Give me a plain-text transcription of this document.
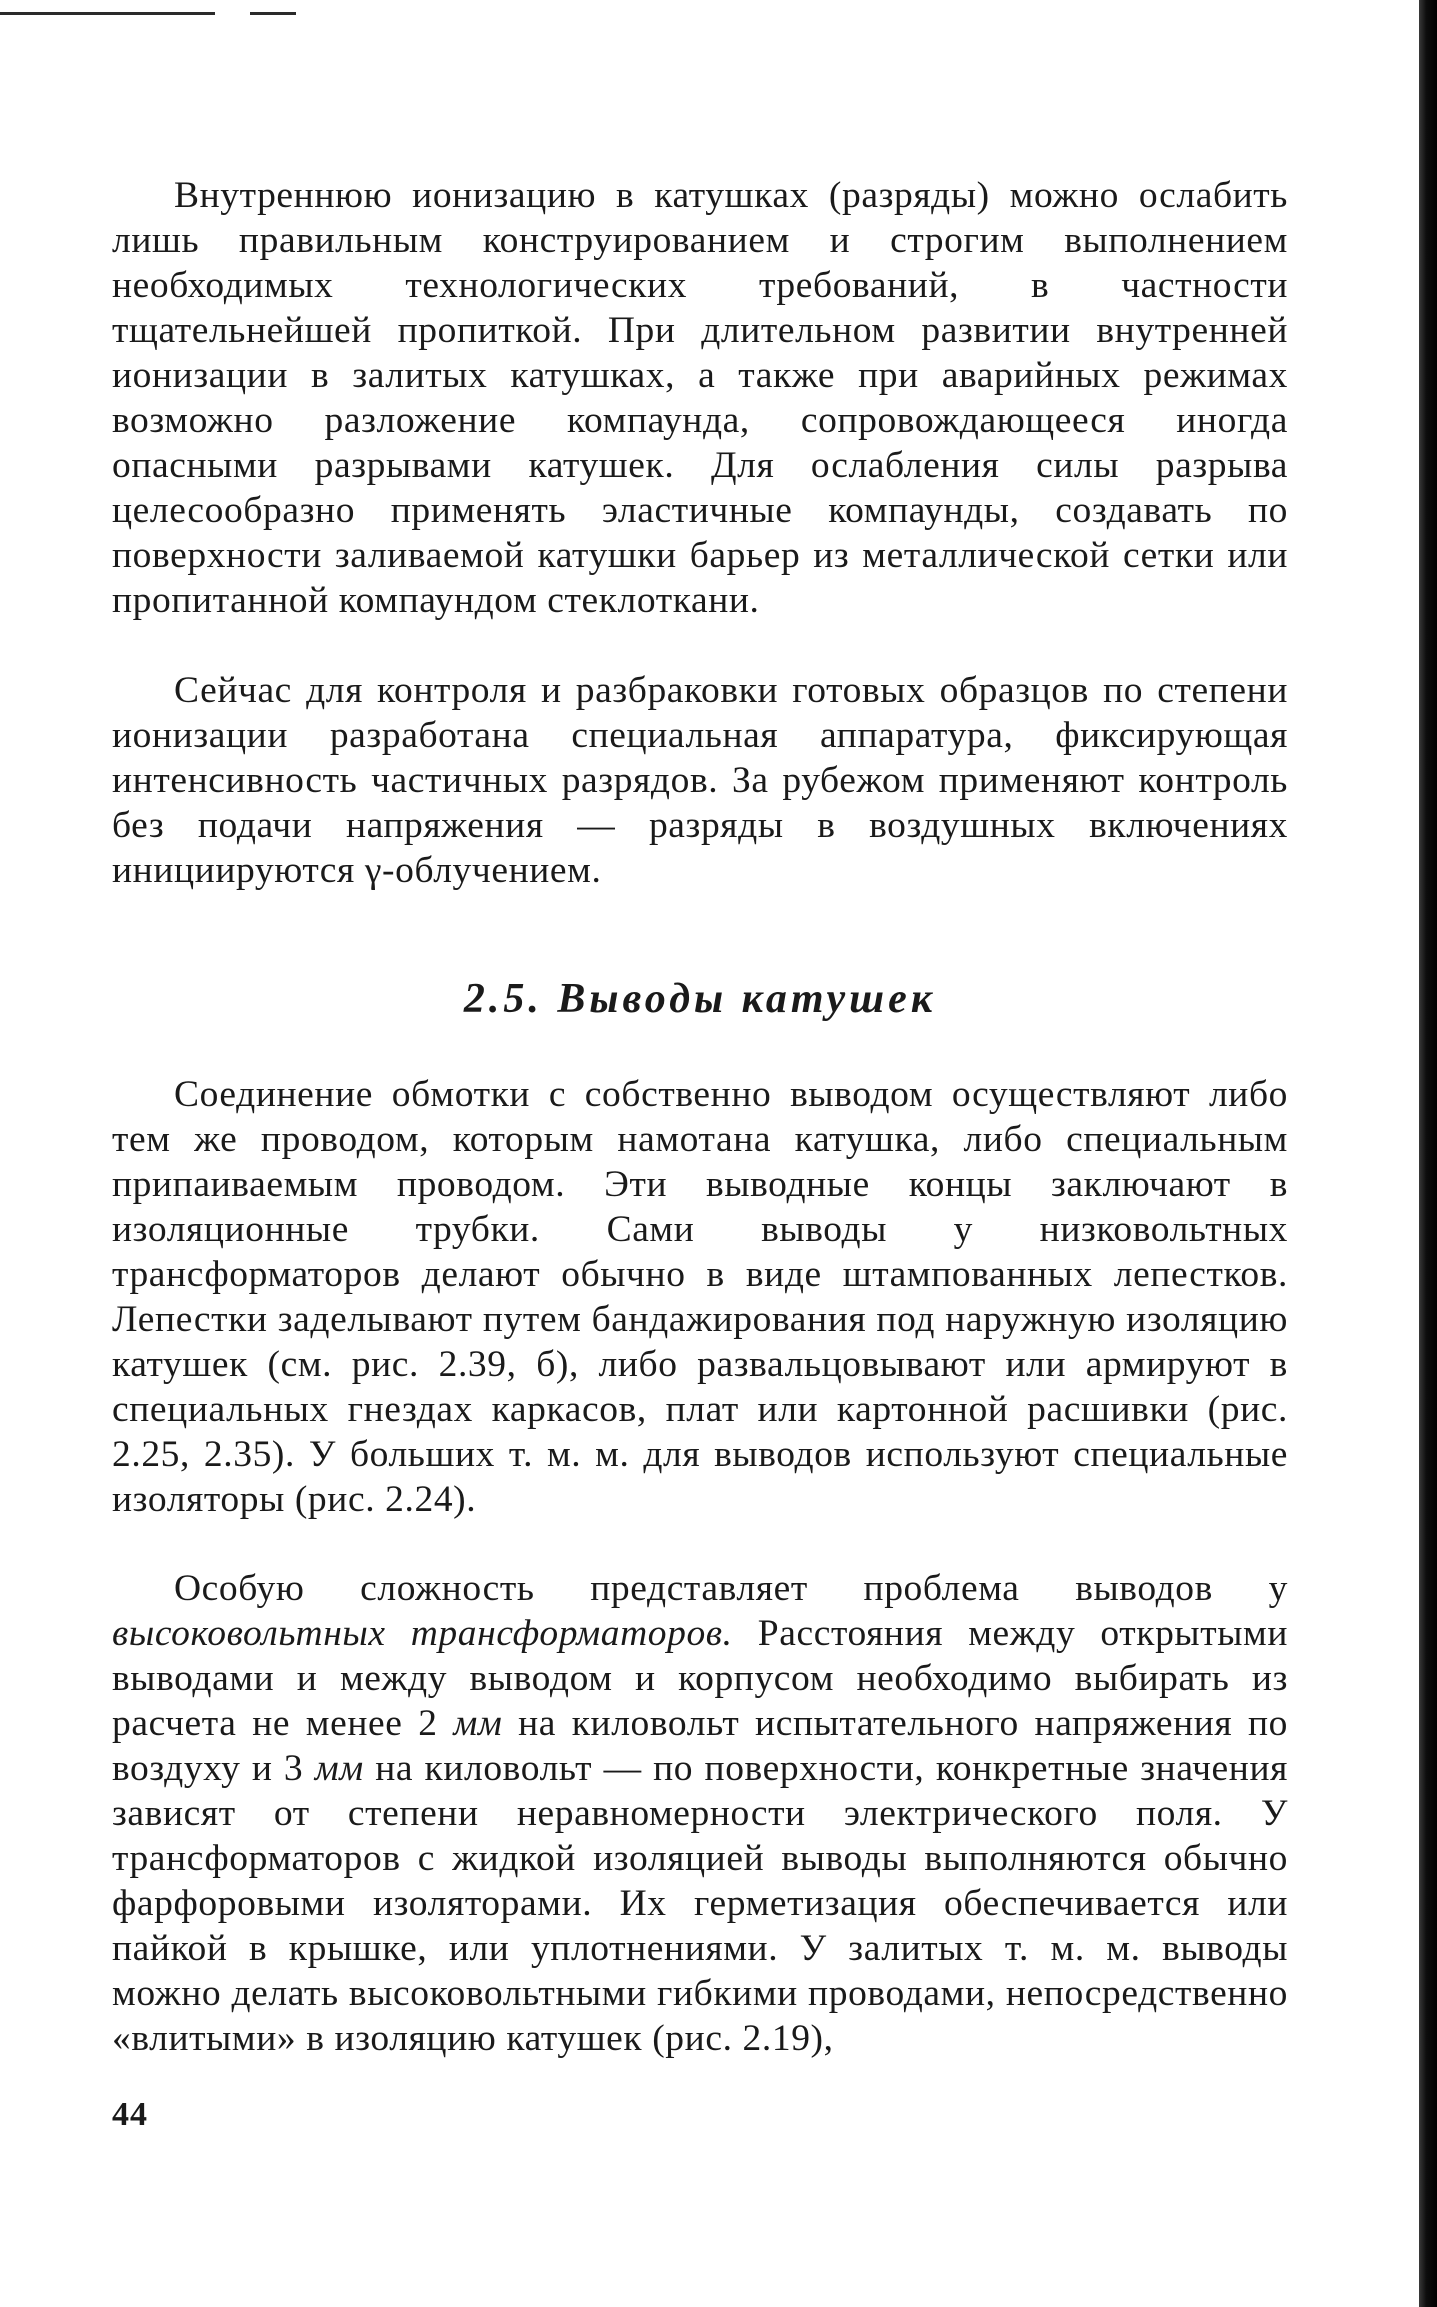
Внутреннюю ионизацию в катушках (разряды) можно ослабить лишь правильным конструированием и строгим выполнением необходимых технологических требований, в частности тщательнейшей пропиткой. При длительном развитии внутренней ионизации в залитых катушках, а также при аварийных режимах возможно разложение компаунда, сопровождающееся иногда опасными разрывами катушек. Для ослабления силы разрыва целесообразно применять эластичные компаунды, создавать по поверхности заливаемой катушки барьер из металлической сетки или пропитанной компаундом стеклоткани.

Сейчас для контроля и разбраковки готовых образцов по степени ионизации разработана специальная аппаратура, фиксирующая интенсивность частичных разрядов. За рубежом применяют контроль без подачи напряжения — разряды в воздушных включениях инициируются γ-облучением.

2.5. Выводы катушек

Соединение обмотки с собственно выводом осуществляют либо тем же проводом, которым намотана катушка, либо специальным припаиваемым проводом. Эти выводные концы заключают в изоляционные трубки. Сами выводы у низковольтных трансформаторов делают обычно в виде штампованных лепестков. Лепестки заделывают путем бандажирования под наружную изоляцию катушек (см. рис. 2.39, б), либо развальцовывают или армируют в специальных гнездах каркасов, плат или картонной расшивки (рис. 2.25, 2.35). У больших т. м. м. для выводов используют специальные изоляторы (рис. 2.24).

Особую сложность представляет проблема выводов у высоковольтных трансформаторов. Расстояния между открытыми выводами и между выводом и корпусом необходимо выбирать из расчета не менее 2 мм на киловольт испытательного напряжения по воздуху и 3 мм на киловольт — по поверхности, конкретные значения зависят от степени неравномерности электрического поля. У трансформаторов с жидкой изоляцией выводы выполняются обычно фарфоровыми изоляторами. Их герметизация обеспечивается или пайкой в крышке, или уплотнениями. У залитых т. м. м. выводы можно делать высоковольтными гибкими проводами, непосредственно «влитыми» в изоляцию катушек (рис. 2.19),

44
